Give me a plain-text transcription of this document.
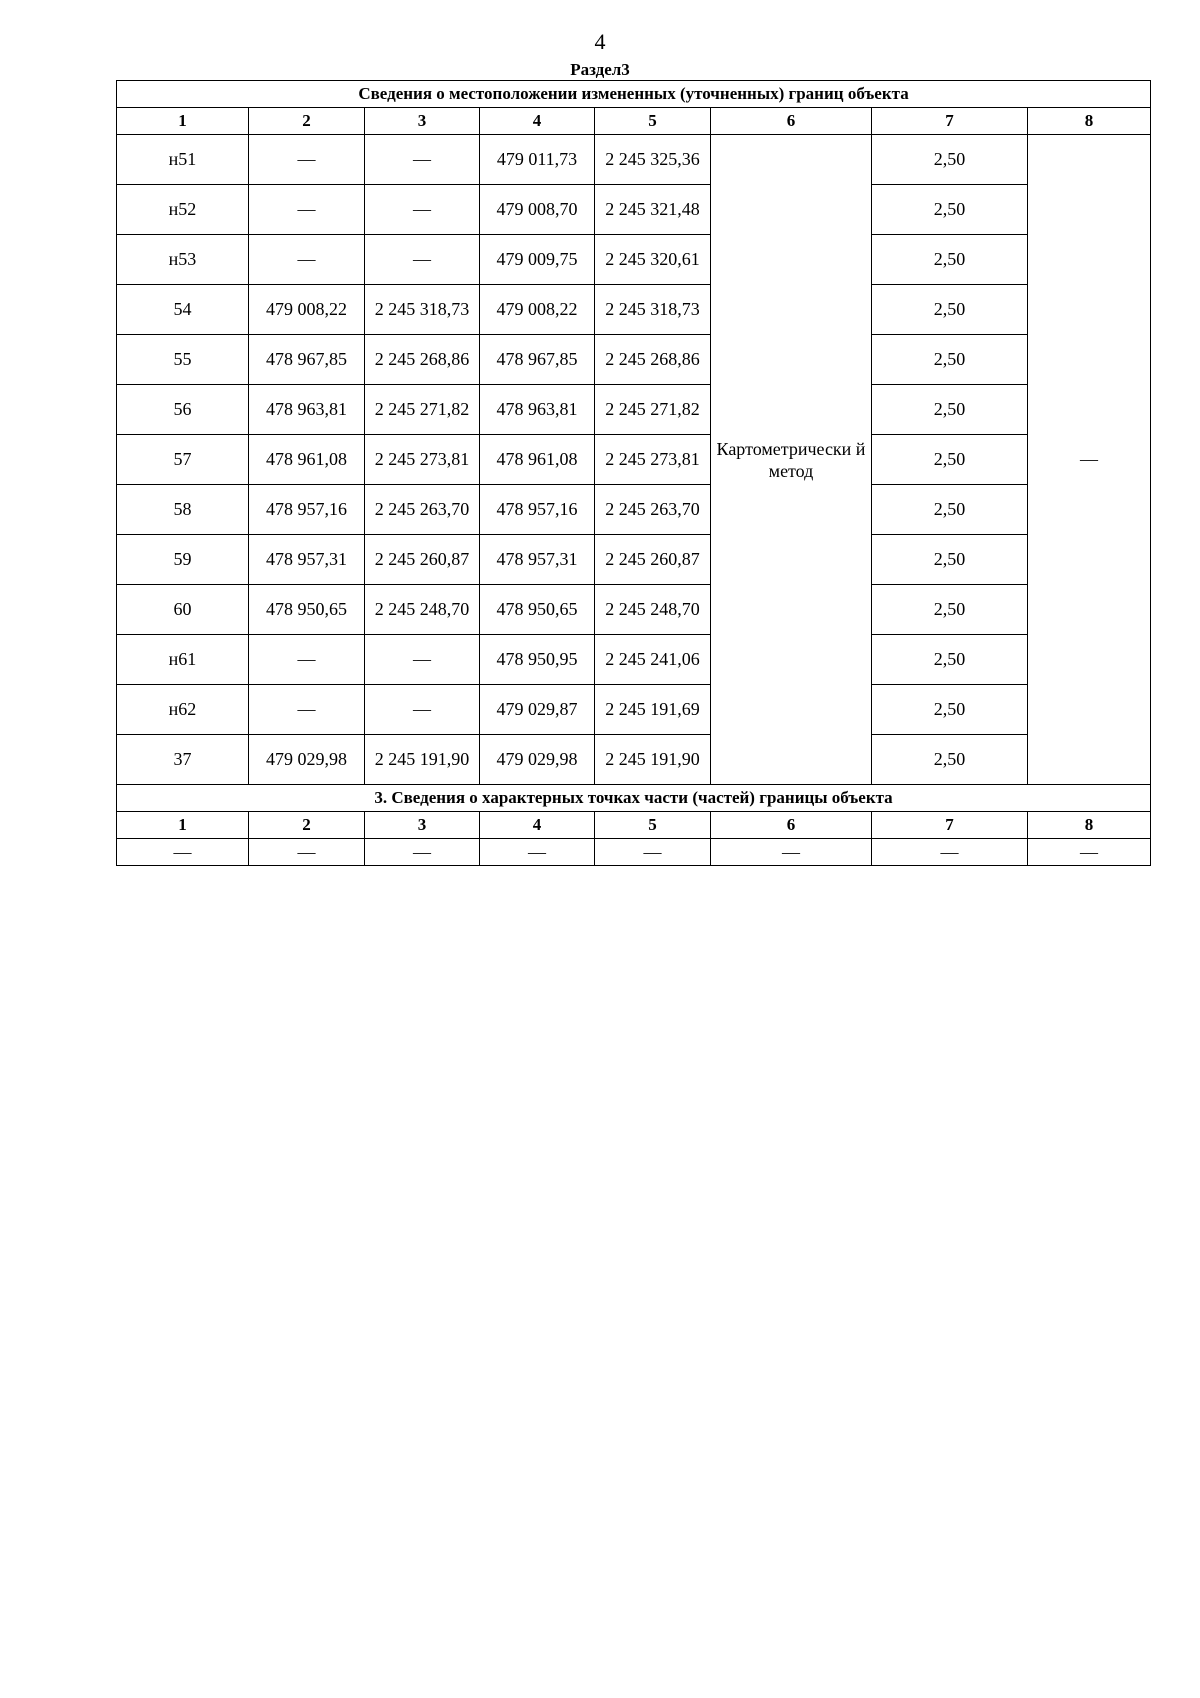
4
Раздел3
Сведения о местоположении измененных (уточненных) границ объекта							
1	2	3	4	5	6	7	8
н51	—	—	479 011,73	2 245 325,36	Картометрически й метод	2,50	—
н52	—	—	479 008,70	2 245 321,48		2,50	
н53	—	—	479 009,75	2 245 320,61		2,50	
54	479 008,22	2 245 318,73	479 008,22	2 245 318,73		2,50	
55	478 967,85	2 245 268,86	478 967,85	2 245 268,86		2,50	
56	478 963,81	2 245 271,82	478 963,81	2 245 271,82		2,50	
57	478 961,08	2 245 273,81	478 961,08	2 245 273,81		2,50	
58	478 957,16	2 245 263,70	478 957,16	2 245 263,70		2,50	
59	478 957,31	2 245 260,87	478 957,31	2 245 260,87		2,50	
60	478 950,65	2 245 248,70	478 950,65	2 245 248,70		2,50	
н61	—	—	478 950,95	2 245 241,06		2,50	
н62	—	—	479 029,87	2 245 191,69		2,50	
37	479 029,98	2 245 191,90	479 029,98	2 245 191,90		2,50	
3. Сведения о характерных точках части (частей) границы объекта							
1	2	3	4	5	6	7	8
—	—	—	—	—	—	—	—
